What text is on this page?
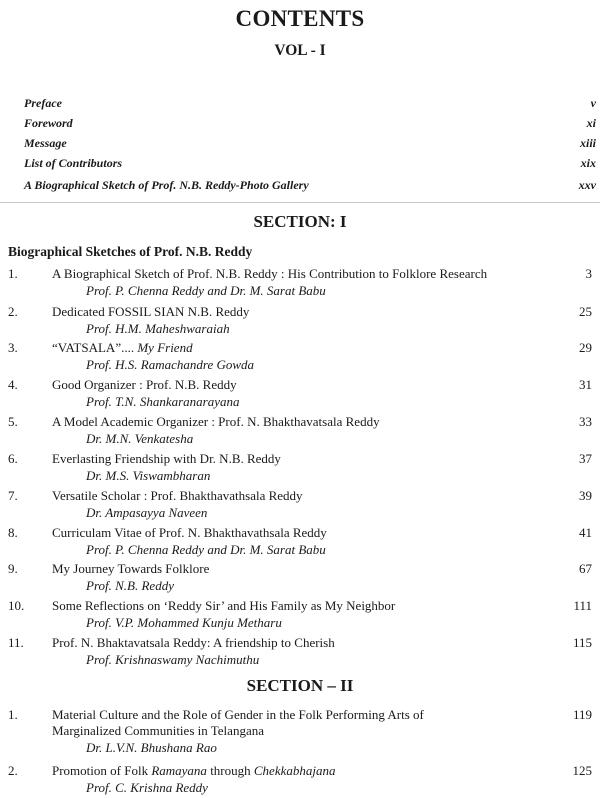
CONTENTS
VOL - I
Preface	v
Foreword	xi
Message	xiii
List of Contributors	xix
A Biographical Sketch of Prof. N.B. Reddy-Photo Gallery	xxv
SECTION: I
Biographical Sketches of Prof. N.B. Reddy
1.	A Biographical Sketch of Prof. N.B. Reddy : His Contribution to Folklore Research	3
Prof. P. Chenna Reddy and Dr. M. Sarat Babu
2.	Dedicated FOSSIL SIAN N.B. Reddy	25
Prof. H.M. Maheshwaraiah
3.	“VATSALA”.... My Friend	29
Prof. H.S. Ramachandre Gowda
4.	Good Organizer : Prof. N.B. Reddy	31
Prof. T.N. Shankaranarayana
5.	A Model Academic Organizer : Prof. N. Bhakthavatsala Reddy	33
Dr. M.N. Venkatesha
6.	Everlasting Friendship with Dr. N.B. Reddy	37
Dr. M.S. Viswambharan
7.	Versatile Scholar : Prof. Bhakthavathsala Reddy	39
Dr. Ampasayya Naveen
8.	Curriculam Vitae of Prof. N. Bhakthavathsala Reddy	41
Prof. P. Chenna Reddy and Dr. M. Sarat Babu
9.	My Journey Towards Folklore	67
Prof. N.B. Reddy
10. Some Reflections on ‘Reddy Sir’ and His Family as My Neighbor	111
Prof. V.P. Mohammed Kunju Metharu
11. Prof. N. Bhaktavatsala Reddy: A friendship to Cherish	115
Prof. Krishnaswamy Nachimuthu
SECTION – II
1.	Material Culture and the Role of Gender in the Folk Performing Arts of
Marginalized Communities in Telangana
119
Dr. L.V.N. Bhushana Rao
2.	Promotion of Folk Ramayana through Chekkabhajana	125
Prof. C. Krishna Reddy
